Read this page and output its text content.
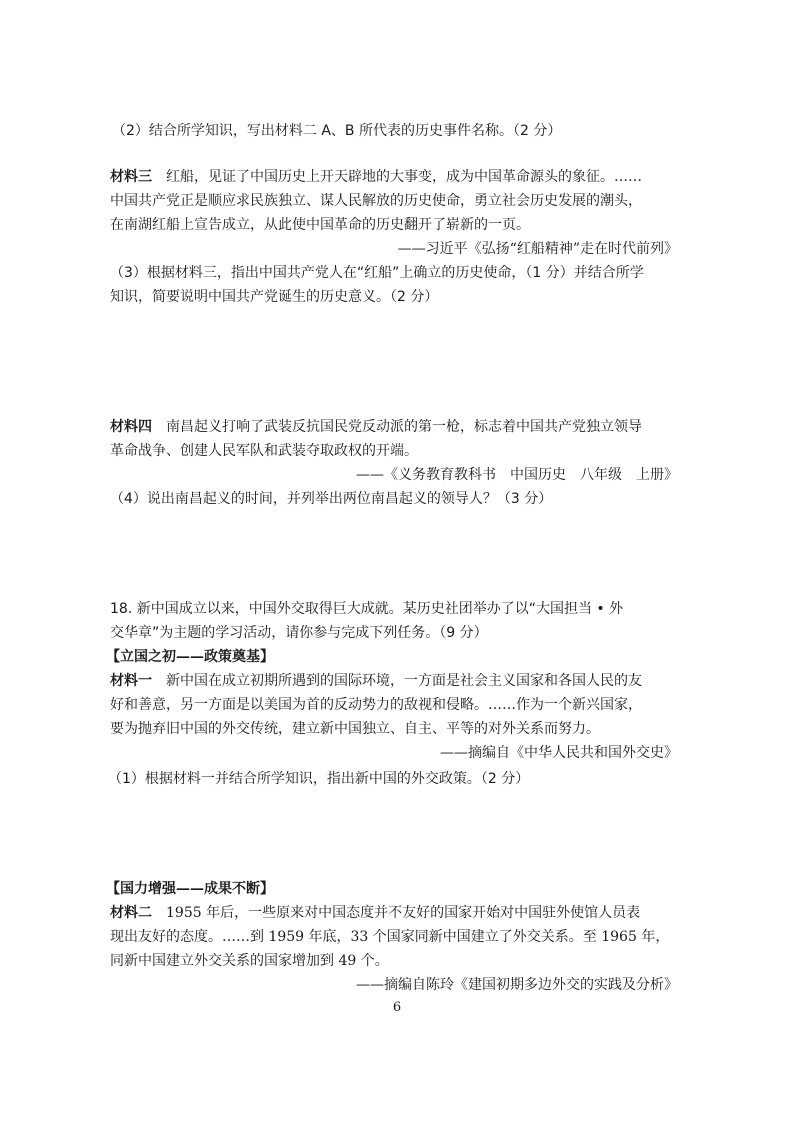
（2）结合所学知识，写出材料二 A、B 所代表的历史事件名称。（2 分）
材料三　 红船，见证了中国历史上开天辟地的大事变，成为中国革命源头的象征。……
中国共产党正是顺应求民族独立、谋人民解放的历史使命，勇立社会历史发展的潮头，
在南湖红船上宣告成立，从此使中国革命的历史翻开了崭新的一页。
——习近平《弘扬“红船精神”走在时代前列》
（3）根据材料三，指出中国共产党人在“红船”上确立的历史使命，（1 分）并结合所学
知识，简要说明中国共产党诞生的历史意义。（2 分）
材料四　 南昌起义打响了武装反抗国民党反动派的第一枪，标志着中国共产党独立领导
革命战争、创建人民军队和武装夺取政权的开端。
——《义务教育教科书　中国历史　八年级　上册》
（4）说出南昌起义的时间，并列举出两位南昌起义的领导人？（3 分）
18. 新中国成立以来，中国外交取得巨大成就。某历史社团举办了以“大国担当 • 外
交华章”为主题的学习活动，请你参与完成下列任务。（9 分）
【立国之初——政策奠基】
材料一　 新中国在成立初期所遇到的国际环境，一方面是社会主义国家和各国人民的友
好和善意，另一方面是以美国为首的反动势力的敌视和侵略。……作为一个新兴国家，
要为抛弃旧中国的外交传统，建立新中国独立、自主、平等的对外关系而努力。
——摘编自《中华人民共和国外交史》
（1）根据材料一并结合所学知识，指出新中国的外交政策。（2 分）
【国力增强——成果不断】
材料二　 1955 年后，一些原来对中国态度并不友好的国家开始对中国驻外使馆人员表
现出友好的态度。……到 1959 年底，33 个国家同新中国建立了外交关系。至 1965 年，
同新中国建立外交关系的国家增加到 49 个。
——摘编自陈玲《建国初期多边外交的实践及分析》
6
